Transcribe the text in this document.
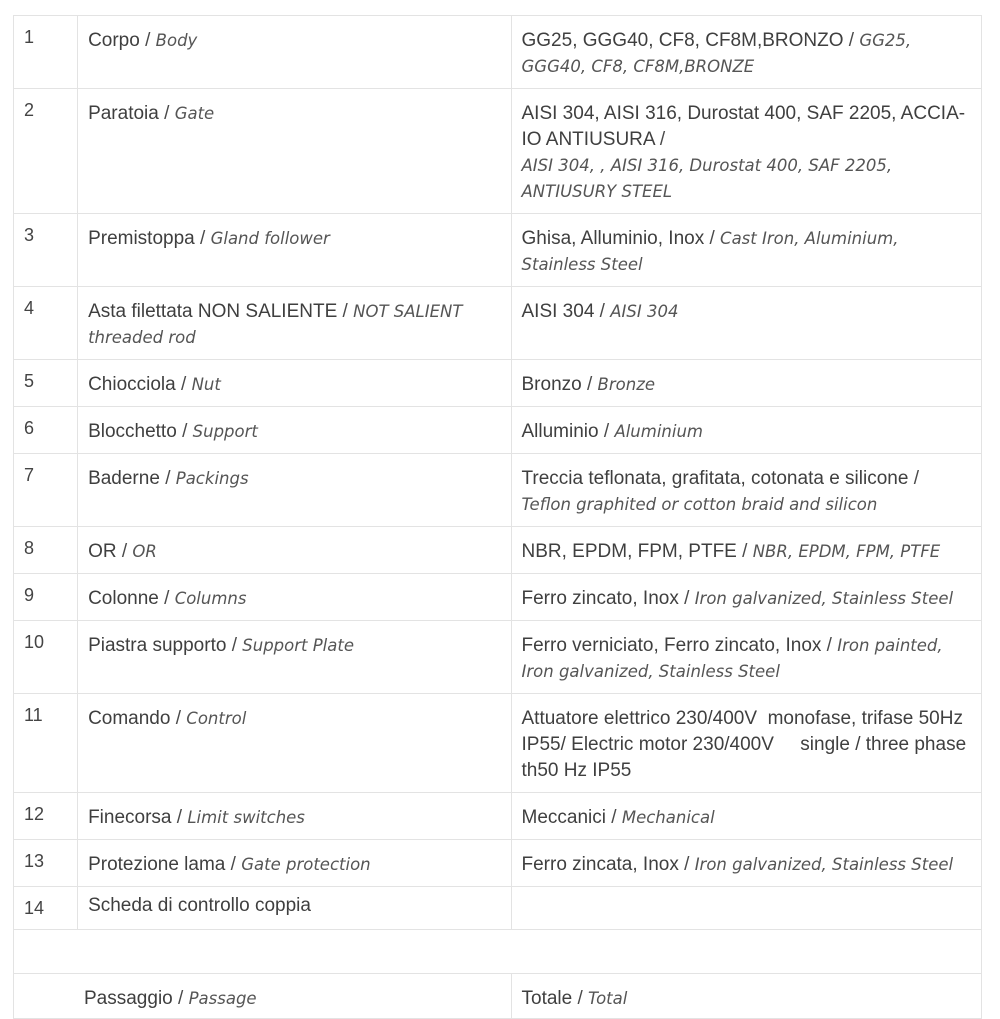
1	Corpo / Body	GG25, GGG40, CF8, CF8M,BRONZO / GG25, GGG40, CF8, CF8M,BRONZE
2	Paratoia / Gate	AISI 304, AISI 316, Durostat 400, SAF 2205, ACCIA-IO ANTIUSURA /
AISI 304, , AISI 316, Durostat 400, SAF 2205, ANTIUSURY STEEL
3	Premistoppa / Gland follower	Ghisa, Alluminio, Inox / Cast Iron, Aluminium, Stainless Steel
4	Asta filettata NON SALIENTE / NOT SALIENT threaded rod	AISI 304 / AISI 304
5	Chiocciola / Nut	Bronzo / Bronze
6	Blocchetto / Support	Alluminio / Aluminium
7	Baderne / Packings	Treccia teflonata, grafitata, cotonata e silicone / Teflon graphited or cotton braid and silicon
8	OR / OR	NBR, EPDM, FPM, PTFE / NBR, EPDM, FPM, PTFE
9	Colonne / Columns	Ferro zincato, Inox / Iron galvanized, Stainless Steel
10	Piastra supporto / Support Plate	Ferro verniciato, Ferro zincato, Inox / Iron painted, Iron galvanized, Stainless Steel
11	Comando / Control	Attuatore elettrico 230/400V  monofase, trifase 50Hz IP55/ Electric motor 230/400V     single / three phase th50 Hz IP55
12	Finecorsa / Limit switches	Meccanici / Mechanical
13	Protezione lama / Gate protection	Ferro zincata, Inox / Iron galvanized, Stainless Steel
14	Scheda di controllo coppia	

Passaggio / Passage		Totale / Total
